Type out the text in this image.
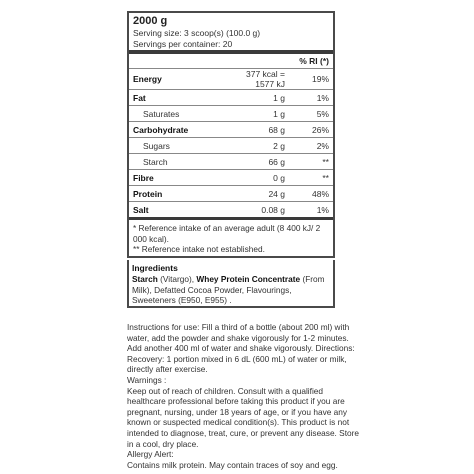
2000 g
Serving size: 3 scoop(s) (100.0 g)
Servings per container: 20
		% RI (*)
Energy	377 kcal = 1577 kJ	19%
Fat	1 g	1%
Saturates	1 g	5%
Carbohydrate	68 g	26%
Sugars	2 g	2%
Starch	66 g	**
Fibre	0 g	**
Protein	24 g	48%
Salt	0.08 g	1%
* Reference intake of an average adult (8 400 kJ/ 2 000 kcal).
** Reference intake not established.
Ingredients
Starch (Vitargo), Whey Protein Concentrate (From Milk), Defatted Cocoa Powder, Flavourings, Sweeteners (E950, E955) .

Instructions for use: Fill a third of a bottle (about 200 ml) with water, add the powder and shake vigorously for 1-2 minutes. Add another 400 ml of water and shake vigorously. Directions: Recovery: 1 portion mixed in 6 dL (600 mL) of water or milk, directly after exercise.

Warnings :

Keep out of reach of children. Consult with a qualified healthcare professional before taking this product if you are pregnant, nursing, under 18 years of age, or if you have any known or suspected medical condition(s). This product is not intended to diagnose, treat, cure, or prevent any disease. Store in a cool, dry place.

Allergy Alert:

Contains milk protein. May contain traces of soy and egg.
